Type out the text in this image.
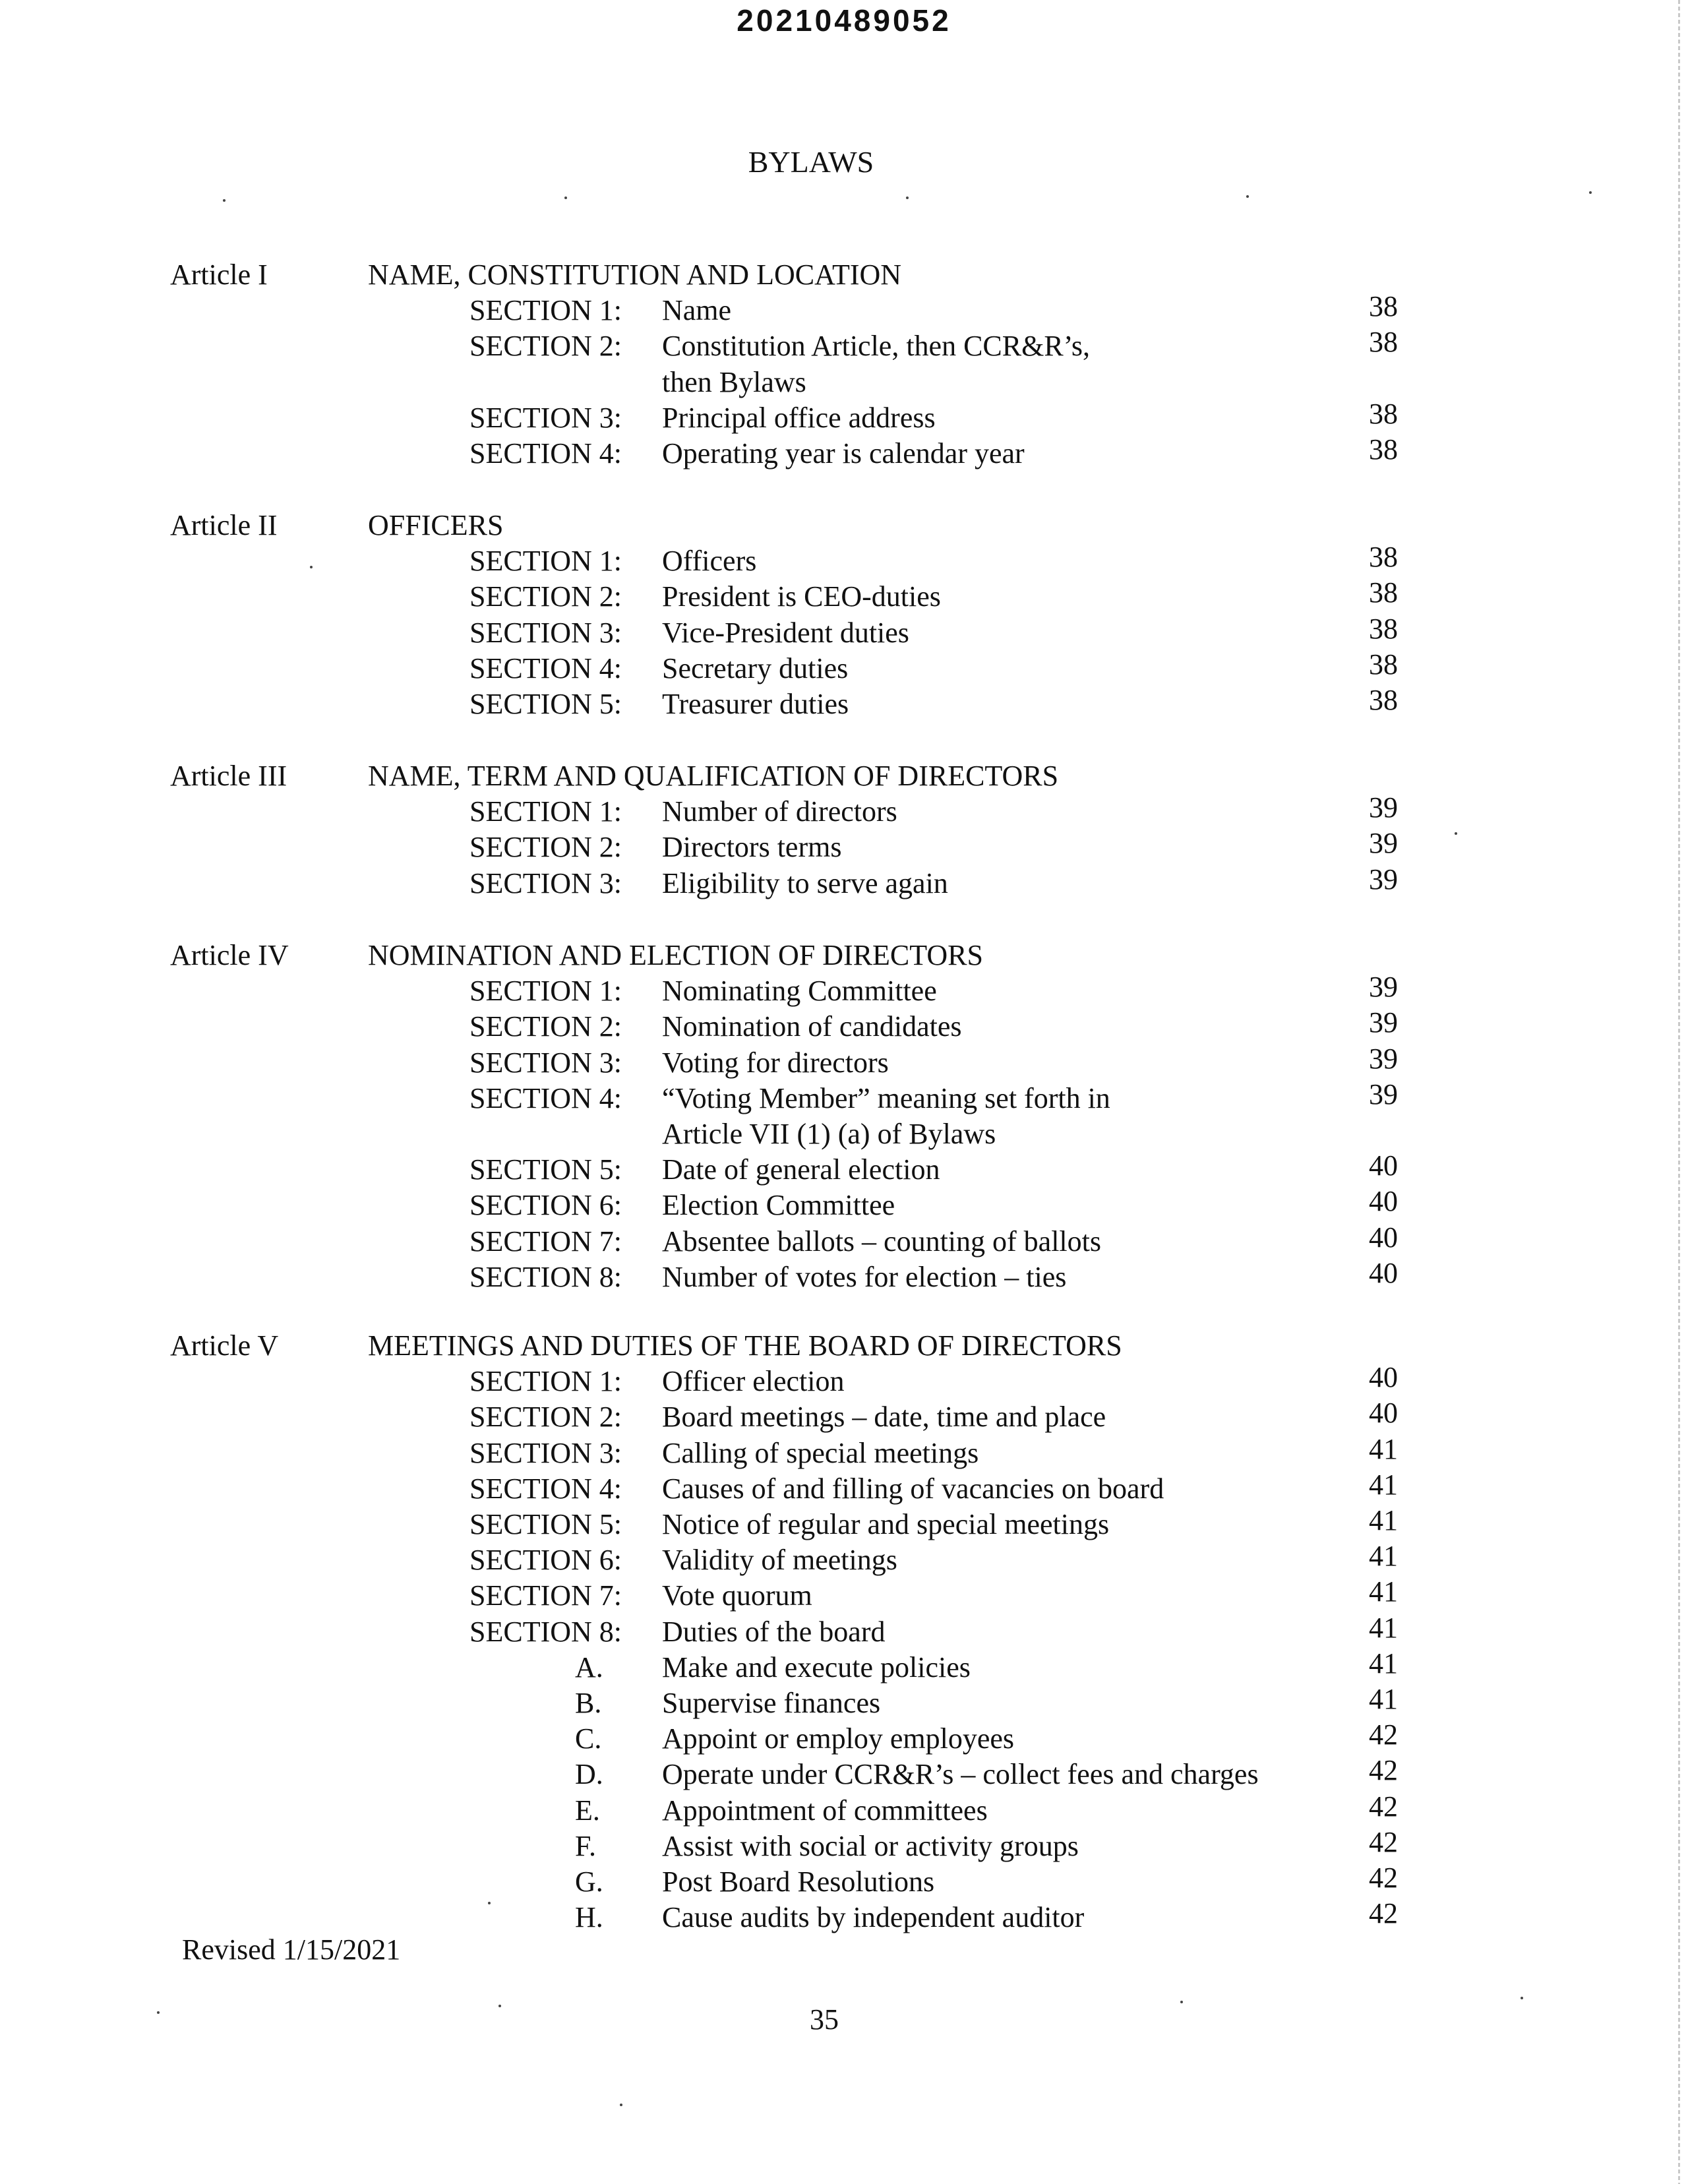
20210489052
BYLAWS
Article I	NAME, CONSTITUTION AND LOCATION
SECTION 1: Name	38
SECTION 2: Constitution Article, then CCR&R’s,	38
then Bylaws
SECTION 3: Principal office address	38
SECTION 4: Operating year is calendar year	38
Article II	OFFICERS
SECTION 1: Officers	38
SECTION 2: President is CEO-duties	38
SECTION 3: Vice-President duties	38
SECTION 4: Secretary duties	38
SECTION 5: Treasurer duties	38
Article III	NAME, TERM AND QUALIFICATION OF DIRECTORS
SECTION 1: Number of directors	39
SECTION 2: Directors terms	39
SECTION 3: Eligibility to serve again	39
Article IV	NOMINATION AND ELECTION OF DIRECTORS
SECTION 1: Nominating Committee	39
SECTION 2: Nomination of candidates	39
SECTION 3: Voting for directors	39
SECTION 4: “Voting Member” meaning set forth in	39
Article VII (1) (a) of Bylaws
SECTION 5: Date of general election	40
SECTION 6: Election Committee	40
SECTION 7: Absentee ballots – counting of ballots	40
SECTION 8: Number of votes for election – ties	40
Article V	MEETINGS AND DUTIES OF THE BOARD OF DIRECTORS
SECTION 1: Officer election	40
SECTION 2: Board meetings – date, time and place	40
SECTION 3: Calling of special meetings	41
SECTION 4: Causes of and filling of vacancies on board	41
SECTION 5: Notice of regular and special meetings	41
SECTION 6: Validity of meetings	41
SECTION 7: Vote quorum	41
SECTION 8: Duties of the board	41
A. Make and execute policies	41
B. Supervise finances	41
C. Appoint or employ employees	42
D. Operate under CCR&R’s – collect fees and charges	42
E. Appointment of committees	42
F. Assist with social or activity groups	42
G. Post Board Resolutions	42
H. Cause audits by independent auditor	42
Revised 1/15/2021
35
